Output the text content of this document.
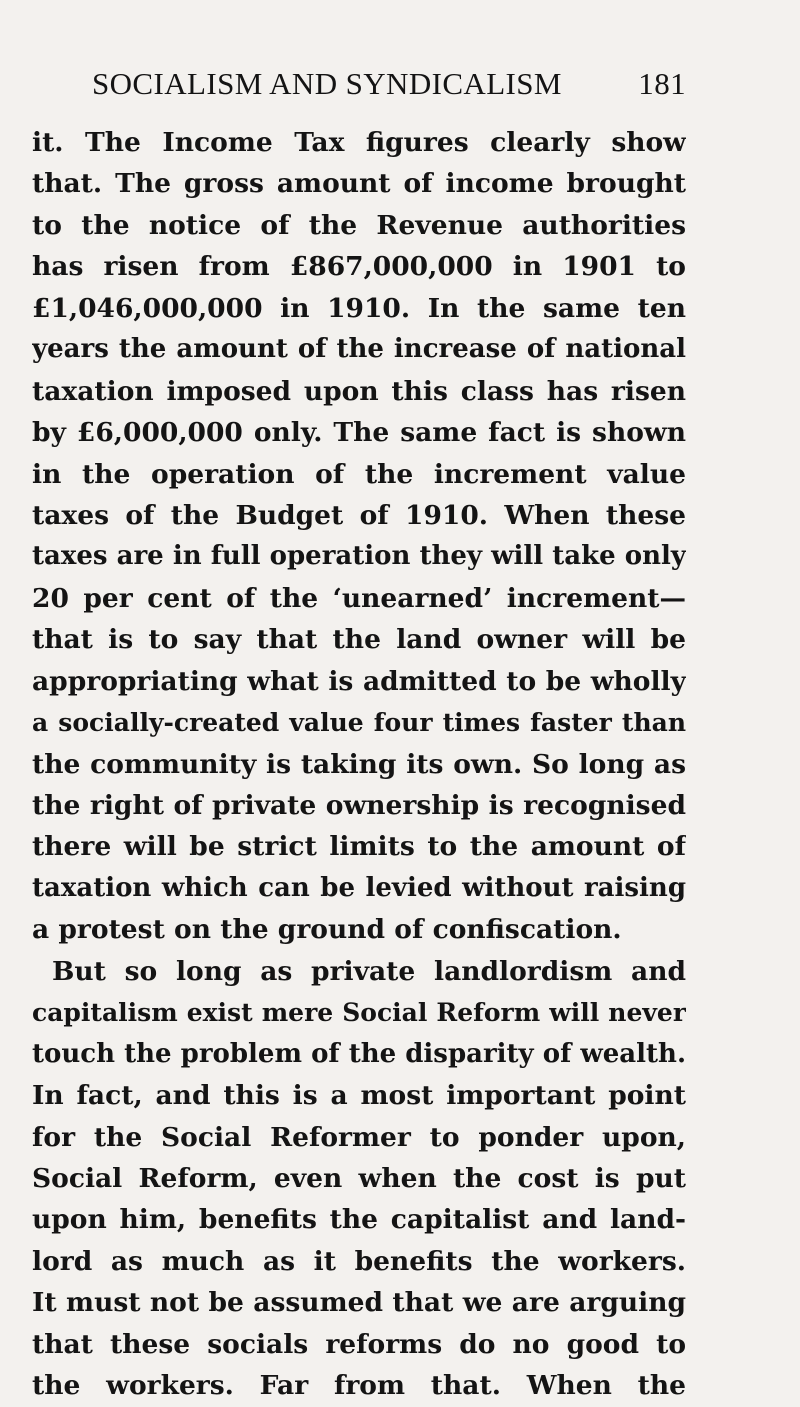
SOCIALISM AND SYNDICALISM 181
it. The Income Tax figures clearly show
that. The gross amount of income brought
to the notice of the Revenue authorities
has risen from £867,000,000 in 1901 to
£1,046,000,000 in 1910. In the same ten
years the amount of the increase of national
taxation imposed upon this class has risen
by £6,000,000 only. The same fact is shown
in the operation of the increment value
taxes of the Budget of 1910. When these
taxes are in full operation they will take only
20 per cent of the ‘unearned’ increment—
that is to say that the land owner will be
appropriating what is admitted to be wholly
a socially-created value four times faster than
the community is taking its own. So long as
the right of private ownership is recognised
there will be strict limits to the amount of
taxation which can be levied without raising
a protest on the ground of confiscation.
But so long as private landlordism and
capitalism exist mere Social Reform will never
touch the problem of the disparity of wealth.
In fact, and this is a most important point
for the Social Reformer to ponder upon,
Social Reform, even when the cost is put
upon him, benefits the capitalist and land-
lord as much as it benefits the workers.
It must not be assumed that we are arguing
that these socials reforms do no good to
the workers. Far from that. When the
